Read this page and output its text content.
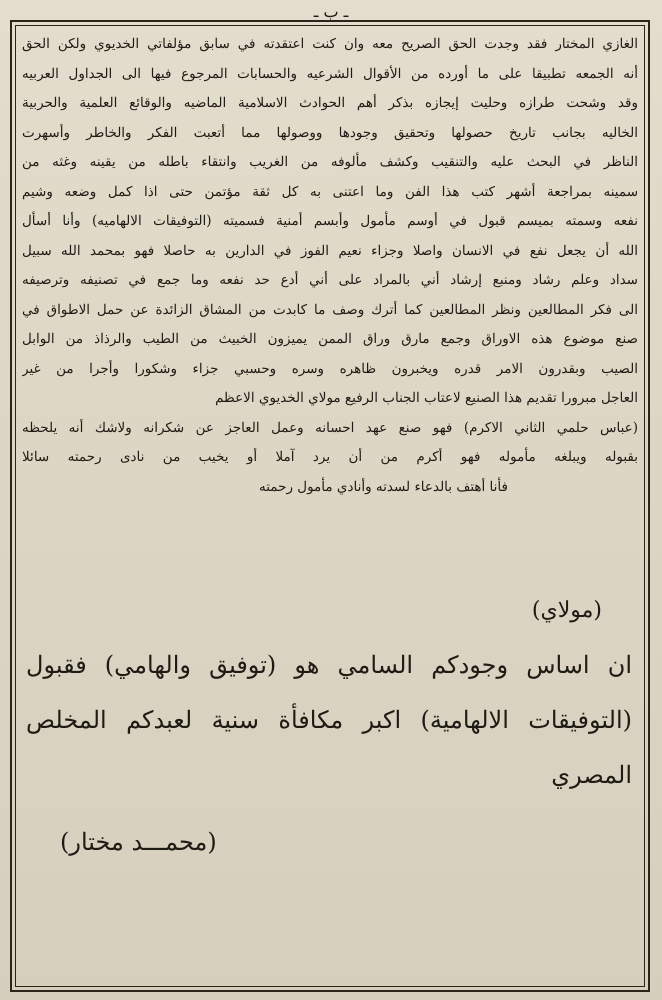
ـ ب ـ
الغازي المختار فقد وجدت الحق الصريح معه وان كنت اعتقدته في سابق مؤلفاتي الخديوي ولكن الحق
أنه الجمعه تطبيقا على ما أورده من الأقوال الشرعيه والحسابات المرجوع فيها الى الجداول العربيه
وقد وشحت طرازه وحليت إيجازه بذكر أهم الحوادث الاسلامية الماضيه والوقائع العلمية والحربية
الخاليه بجانب تاريخ حصولها وتحقيق وجودها ووصولها مما أتعبت الفكر والخاطر وأسهرت
الناظر في البحث عليه والتنقيب وكشف مألوفه من الغريب وانتقاء باطله من يقينه وغثه من
سمينه بمراجعة أشهر كتب هذا الفن وما اعتنى به كل ثقة مؤتمن حتى اذا كمل وضعه وشيم
نفعه وسمته بميسم قبول في أوسم مأمول وأبسم أمنية فسميته (التوفيقات الالهاميه) وأنا أسأل
الله أن يجعل نفع في الانسان واصلا وجزاء نعيم الفوز في الدارين به حاصلا فهو بمحمد الله سبيل
سداد وعلم رشاد ومنبع إرشاد أني بالمراد على أني أدع حد نفعه وما جمع في تصنيفه وترصيفه
الى فكر المطالعين ونظر المطالعين كما أترك وصف ما كابدت من المشاق الزائدة عن حمل الاطواق في
صنع موضوع هذه الاوراق وجمع مارق وراق الممن يميزون الخبيث من الطيب والرذاذ من الوابل
الصيب وبقدرون الامر قدره ويخبرون ظاهره وسره وحسبي جزاء وشكورا وأجرا من غير
العاجل مبرورا تقديم هذا الصنيع لاعتاب الجناب الرفيع مولاي الخديوي الاعظم
(عباس حلمي الثاني الاكرم) فهو صنع عهد احسانه وعمل العاجز عن شكرانه ولاشك أنه يلحظه
بقبوله ويبلغه مأموله فهو أكرم من أن يرد آملا أو يخيب من نادى رحمته سائلا
فأنا أهتف بالدعاء لسدته وأنادي مأمول رحمته
(مولاي)
ان اساس وجودكم السامي هو (توفيق والهامي) فقبول
(التوفيقات الالهامية) اكبر مكافأة سنية لعبدكم المخلص
المصري
(محمـــد مختار)
